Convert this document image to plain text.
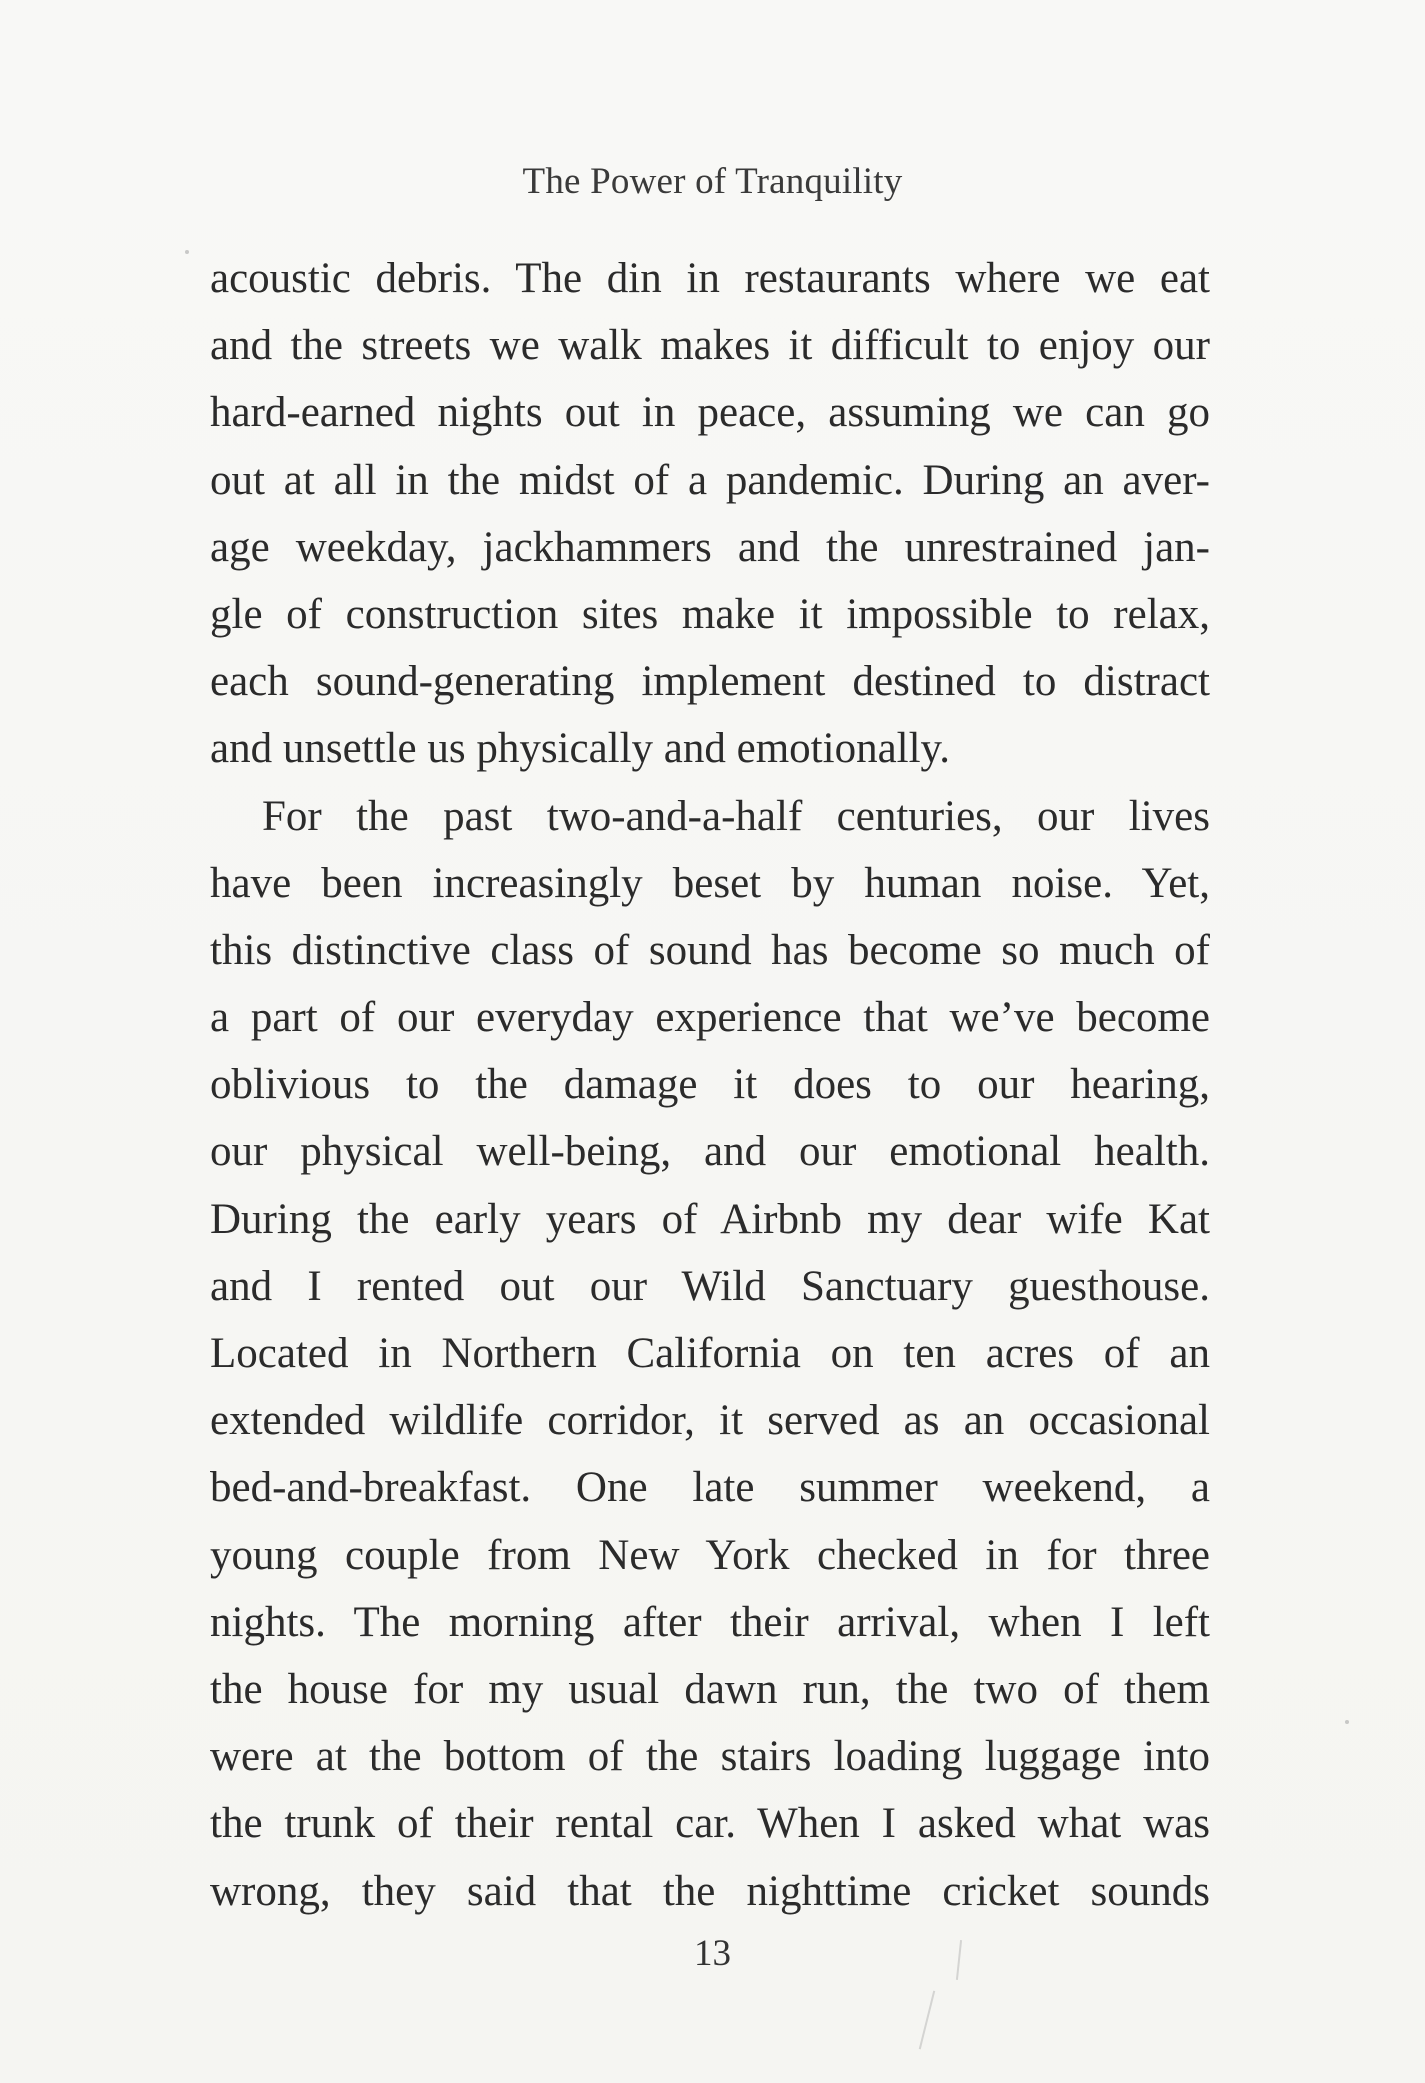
The Power of Tranquility
acoustic debris. The din in restaurants where we eat
and the streets we walk makes it difficult to enjoy our
hard-earned nights out in peace, assuming we can go
out at all in the midst of a pandemic. During an aver-
age weekday, jackhammers and the unrestrained jan-
gle of construction sites make it impossible to relax,
each sound-generating implement destined to distract
and unsettle us physically and emotionally.
For the past two-and-a-half centuries, our lives
have been increasingly beset by human noise. Yet,
this distinctive class of sound has become so much of
a part of our everyday experience that we’ve become
oblivious to the damage it does to our hearing,
our physical well-being, and our emotional health.
During the early years of Airbnb my dear wife Kat
and I rented out our Wild Sanctuary guesthouse.
Located in Northern California on ten acres of an
extended wildlife corridor, it served as an occasional
bed-and-breakfast. One late summer weekend, a
young couple from New York checked in for three
nights. The morning after their arrival, when I left
the house for my usual dawn run, the two of them
were at the bottom of the stairs loading luggage into
the trunk of their rental car. When I asked what was
wrong, they said that the nighttime cricket sounds
13
